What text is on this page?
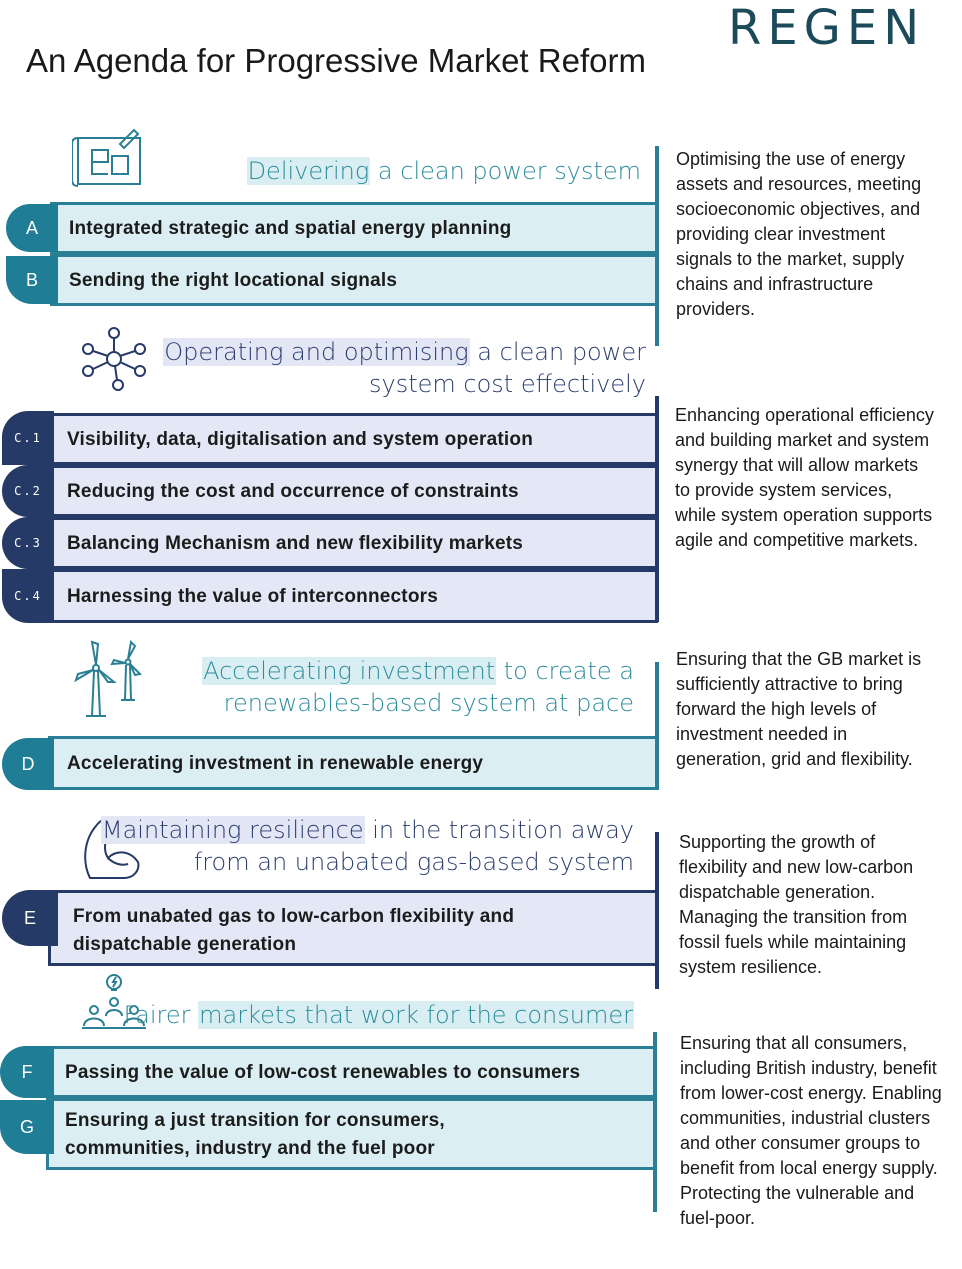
REGEN
An Agenda for Progressive Market Reform
Delivering a clean power system
Integrated strategic and spatial energy planning
A
Sending the right locational signals
B
Optimising the use of energy assets and resources, meeting socioeconomic objectives, and providing clear investment signals to the market, supply chains and infrastructure providers.
Operating and optimising a clean power
system cost effectively
Visibility, data, digitalisation and system operation
C.1
Reducing the cost and occurrence of constraints
C.2
Balancing Mechanism and new flexibility markets
C.3
Harnessing the value of interconnectors
C.4
Enhancing operational efficiency and building market and system synergy that will allow markets to provide system services, while system operation supports agile and competitive markets.
Accelerating investment to create a
renewables-based system at pace
Accelerating investment in renewable energy
D
Ensuring that the GB market is sufficiently attractive to bring forward the high levels of investment needed in generation, grid and flexibility.
Maintaining resilience in the transition away
from an unabated gas-based system
From unabated gas to low-carbon flexibility and
dispatchable generation
E
Supporting the growth of flexibility and new low-carbon dispatchable generation. Managing the transition from fossil fuels while maintaining system resilience.
Fairer markets that work for the consumer
Passing the value of low-cost renewables to consumers
F
Ensuring a just transition for consumers,
communities, industry and the fuel poor
G
Ensuring that all consumers, including British industry, benefit from lower-cost energy. Enabling communities, industrial clusters and other consumer groups to benefit from local energy supply. Protecting the vulnerable and fuel-poor.
